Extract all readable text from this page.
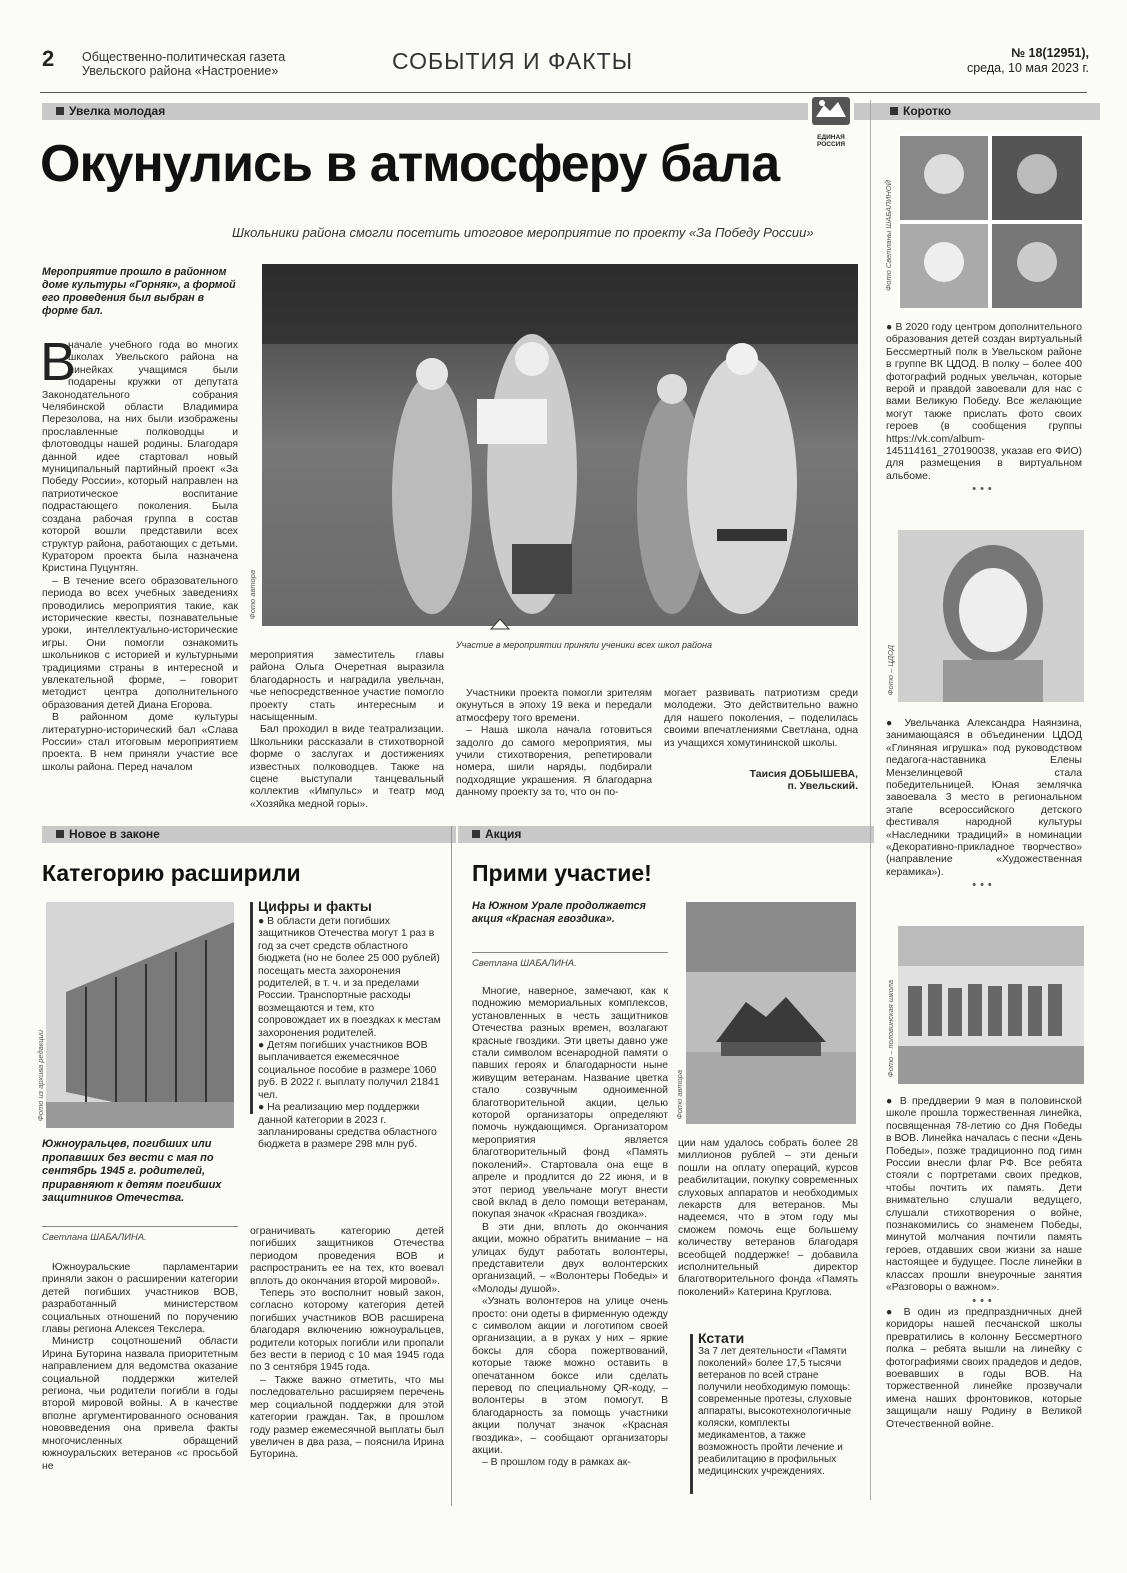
2 Общественно-политическая газета
Увельского района «Настроение»	СОБЫТИЯ И ФАКТЫ	№ 18(12951),
среда, 10 мая 2023 г.
Увелка молодая
ЕДИНАЯ РОССИЯ
Окунулись в атмосферу бала
Школьники района смогли посетить итоговое мероприятие по проекту «За Победу России»
Мероприятие прошло в районном доме культуры «Горняк», а формой его проведения был выбран в форме бал.
Фото автора
Участие в мероприятии приняли ученики всех школ района
В

начале учебного года во многих школах Увельского района на линейках учащимся были подарены кружки от депутата Законодательного собрания Челябинской области Владимира Перезолова, на них были изображены прославленные полководцы и флотоводцы нашей родины. Благодаря данной идее стартовал новый муниципальный партийный проект «За Победу России», который направлен на патриотическое воспитание подрастающего поколения. Была создана рабочая группа в состав которой вошли представили всех структур района, работающих с детьми. Куратором проекта была назначена Кристина Пуцунтян.

– В течение всего образовательного периода во всех учебных заведениях проводились мероприятия такие, как исторические квесты, познавательные уроки, интеллектуально-исторические игры. Они помогли ознакомить школьников с историей и культурными традициями страны в интересной и увлекательной форме, – говорит методист центра дополнительного образования детей Диана Егорова.

В районном доме культуры литературно-исторический бал «Слава России» стал итоговым мероприятием проекта. В нем приняли участие все школы района. Перед началом

мероприятия заместитель главы района Ольга Очеретная выразила благодарность и наградила увельчан, чье непосредственное участие помогло проекту стать интересным и насыщенным.

Бал проходил в виде театрализации. Школьники рассказали в стихотворной форме о заслугах и достижениях известных полководцев. Также на сцене выступали танцевальный коллектив «Импульс» и театр мод «Хозяйка медной горы».

Участники проекта помогли зрителям окунуться в эпоху 19 века и передали атмосферу того времени.

– Наша школа начала готовиться задолго до самого мероприятия, мы учили стихотворения, репетировали номера, шили наряды, подбирали подходящие украшения. Я благодарна данному проекту за то, что он по-

могает развивать патриотизм среди молодежи. Это действительно важно для нашего поколения, – поделилась своими впечатлениями Светлана, одна из учащихся хомутининской школы.

Таисия ДОБЫШЕВА,
п. Увельский.
Новое в законе
Категорию расширили
Фото из архива редакции
Южноуральцев, погибших или пропавших без вести с мая по сентябрь 1945 г. родителей, приравняют к детям погибших защитников Отечества.
Светлана ШАБАЛИНА.
Цифры и факты
● В области дети погибших защитников Отечества могут 1 раз в год за счет средств областного бюджета (но не более 25 000 рублей) посещать места захоронения родителей, в т. ч. и за пределами России. Транспортные расходы возмещаются и тем, кто сопровождает их в поездках к местам захоронения родителей.
● Детям погибших участников ВОВ выплачивается ежемесячное социальное пособие в размере 1060 руб. В 2022 г. выплату получил 21841 чел.
● На реализацию мер поддержки данной категории в 2023 г. запланированы средства областного бюджета в размере 298 млн руб.

Южноуральские парламентарии приняли закон о расширении категории детей погибших участников ВОВ, разработанный министерством социальных отношений по поручению главы региона Алексея Текслера.

Министр соцотношений области Ирина Буторина назвала приоритетным направлением для ведомства оказание социальной поддержки жителей региона, чьи родители погибли в годы второй мировой войны. А в качестве вполне аргументированного основания нововведения она привела факты многочисленных обращений южноуральских ветеранов «с просьбой не

ограничивать категорию детей погибших защитников Отечества периодом проведения ВОВ и распространить ее на тех, кто воевал вплоть до окончания второй мировой».

Теперь это восполнит новый закон, согласно которому категория детей погибших участников ВОВ расширена благодаря включению южноуральцев, родители которых погибли или пропали без вести в период с 10 мая 1945 года по 3 сентября 1945 года.

– Также важно отметить, что мы последовательно расширяем перечень мер социальной поддержки для этой категории граждан. Так, в прошлом году размер ежемесячной выплаты был увеличен в два раза, – пояснила Ирина Буторина.

Акция
Прими участие!
На Южном Урале продолжается акция «Красная гвоздика».
Светлана ШАБАЛИНА.
Фото автора

Многие, наверное, замечают, как к подножию мемориальных комплексов, установленных в честь защитников Отечества разных времен, возлагают красные гвоздики. Эти цветы давно уже стали символом всенародной памяти о павших героях и благодарности ныне живущим ветеранам. Название цветка стало созвучным одноименной благотворительной акции, целью которой организаторы определяют помочь нуждающимся. Организатором мероприятия является благотворительный фонд «Память поколений». Стартовала она еще в апреле и продлится до 22 июня, и в этот период увельчане могут внести свой вклад в дело помощи ветеранам, покупая значок «Красная гвоздика».

В эти дни, вплоть до окончания акции, можно обратить внимание – на улицах будут работать волонтеры, представители двух волонтерских организаций, – «Волонтеры Победы» и «Молоды душой».

«Узнать волонтеров на улице очень просто: они одеты в фирменную одежду с символом акции и логотипом своей организации, а в руках у них – яркие боксы для сбора пожертвований, которые также можно оставить в опечатанном боксе или сделать перевод по специальному QR-коду, – волонтеры в этом помогут. В благодарность за помощь участники акции получат значок «Красная гвоздика», – сообщают организаторы акции.

– В прошлом году в рамках ак-

ции нам удалось собрать более 28 миллионов рублей – эти деньги пошли на оплату операций, курсов реабилитации, покупку современных слуховых аппаратов и необходимых лекарств для ветеранов. Мы надеемся, что в этом году мы сможем помочь еще большему количеству ветеранов благодаря всеобщей поддержке! – добавила исполнительный директор благотворительного фонда «Память поколений» Катерина Круглова.

Кстати
За 7 лет деятельности «Памяти поколений» более 17,5 тысячи ветеранов по всей стране получили необходимую помощь: современные протезы, слуховые аппараты, высокотехнологичные коляски, комплекты медикаментов, а также возможность пройти лечение и реабилитацию в профильных медицинских учреждениях.
Коротко
Фото Светланы ШАБАЛИНОЙ
● В 2020 году центром дополнительного образования детей создан виртуальный Бессмертный полк в Увельском районе в группе ВК ЦДОД. В полку – более 400 фотографий родных увельчан, которые верой и правдой завоевали для нас с вами Великую Победу. Все желающие могут также прислать фото своих героев (в сообщения группы https://vk.com/album-145114161_270190038, указав его ФИО) для размещения в виртуальном альбоме.
•••
Фото – ЦДОД
● Увельчанка Александра Наянзина, занимающаяся в объединении ЦДОД «Глиняная игрушка» под руководством педагога-наставника Елены Мензелинцевой стала победительницей. Юная землячка завоевала 3 место в региональном этапе всероссийского детского фестиваля народной культуры «Наследники традиций» в номинации «Декоративно-прикладное творчество» (направление «Художественная керамика»).
•••
Фото – половинская школа
● В преддверии 9 мая в половинской школе прошла торжественная линейка, посвященная 78-летию со Дня Победы в ВОВ. Линейка началась с песни «День Победы», позже традиционно под гимн России внесли флаг РФ. Все ребята стояли с портретами своих предков, чтобы почтить их память. Дети внимательно слушали ведущего, слушали стихотворения о войне, познакомились со знаменем Победы, минутой молчания почтили память героев, отдавших свои жизни за наше настоящее и будущее. После линейки в классах прошли внеурочные занятия «Разговоры о важном».
•••
● В один из предпраздничных дней коридоры нашей песчанской школы превратились в колонну Бессмертного полка – ребята вышли на линейку с фотографиями своих прадедов и дедов, воевавших в годы ВОВ. На торжественной линейке прозвучали имена наших фронтовиков, которые защищали нашу Родину в Великой Отечественной войне.
